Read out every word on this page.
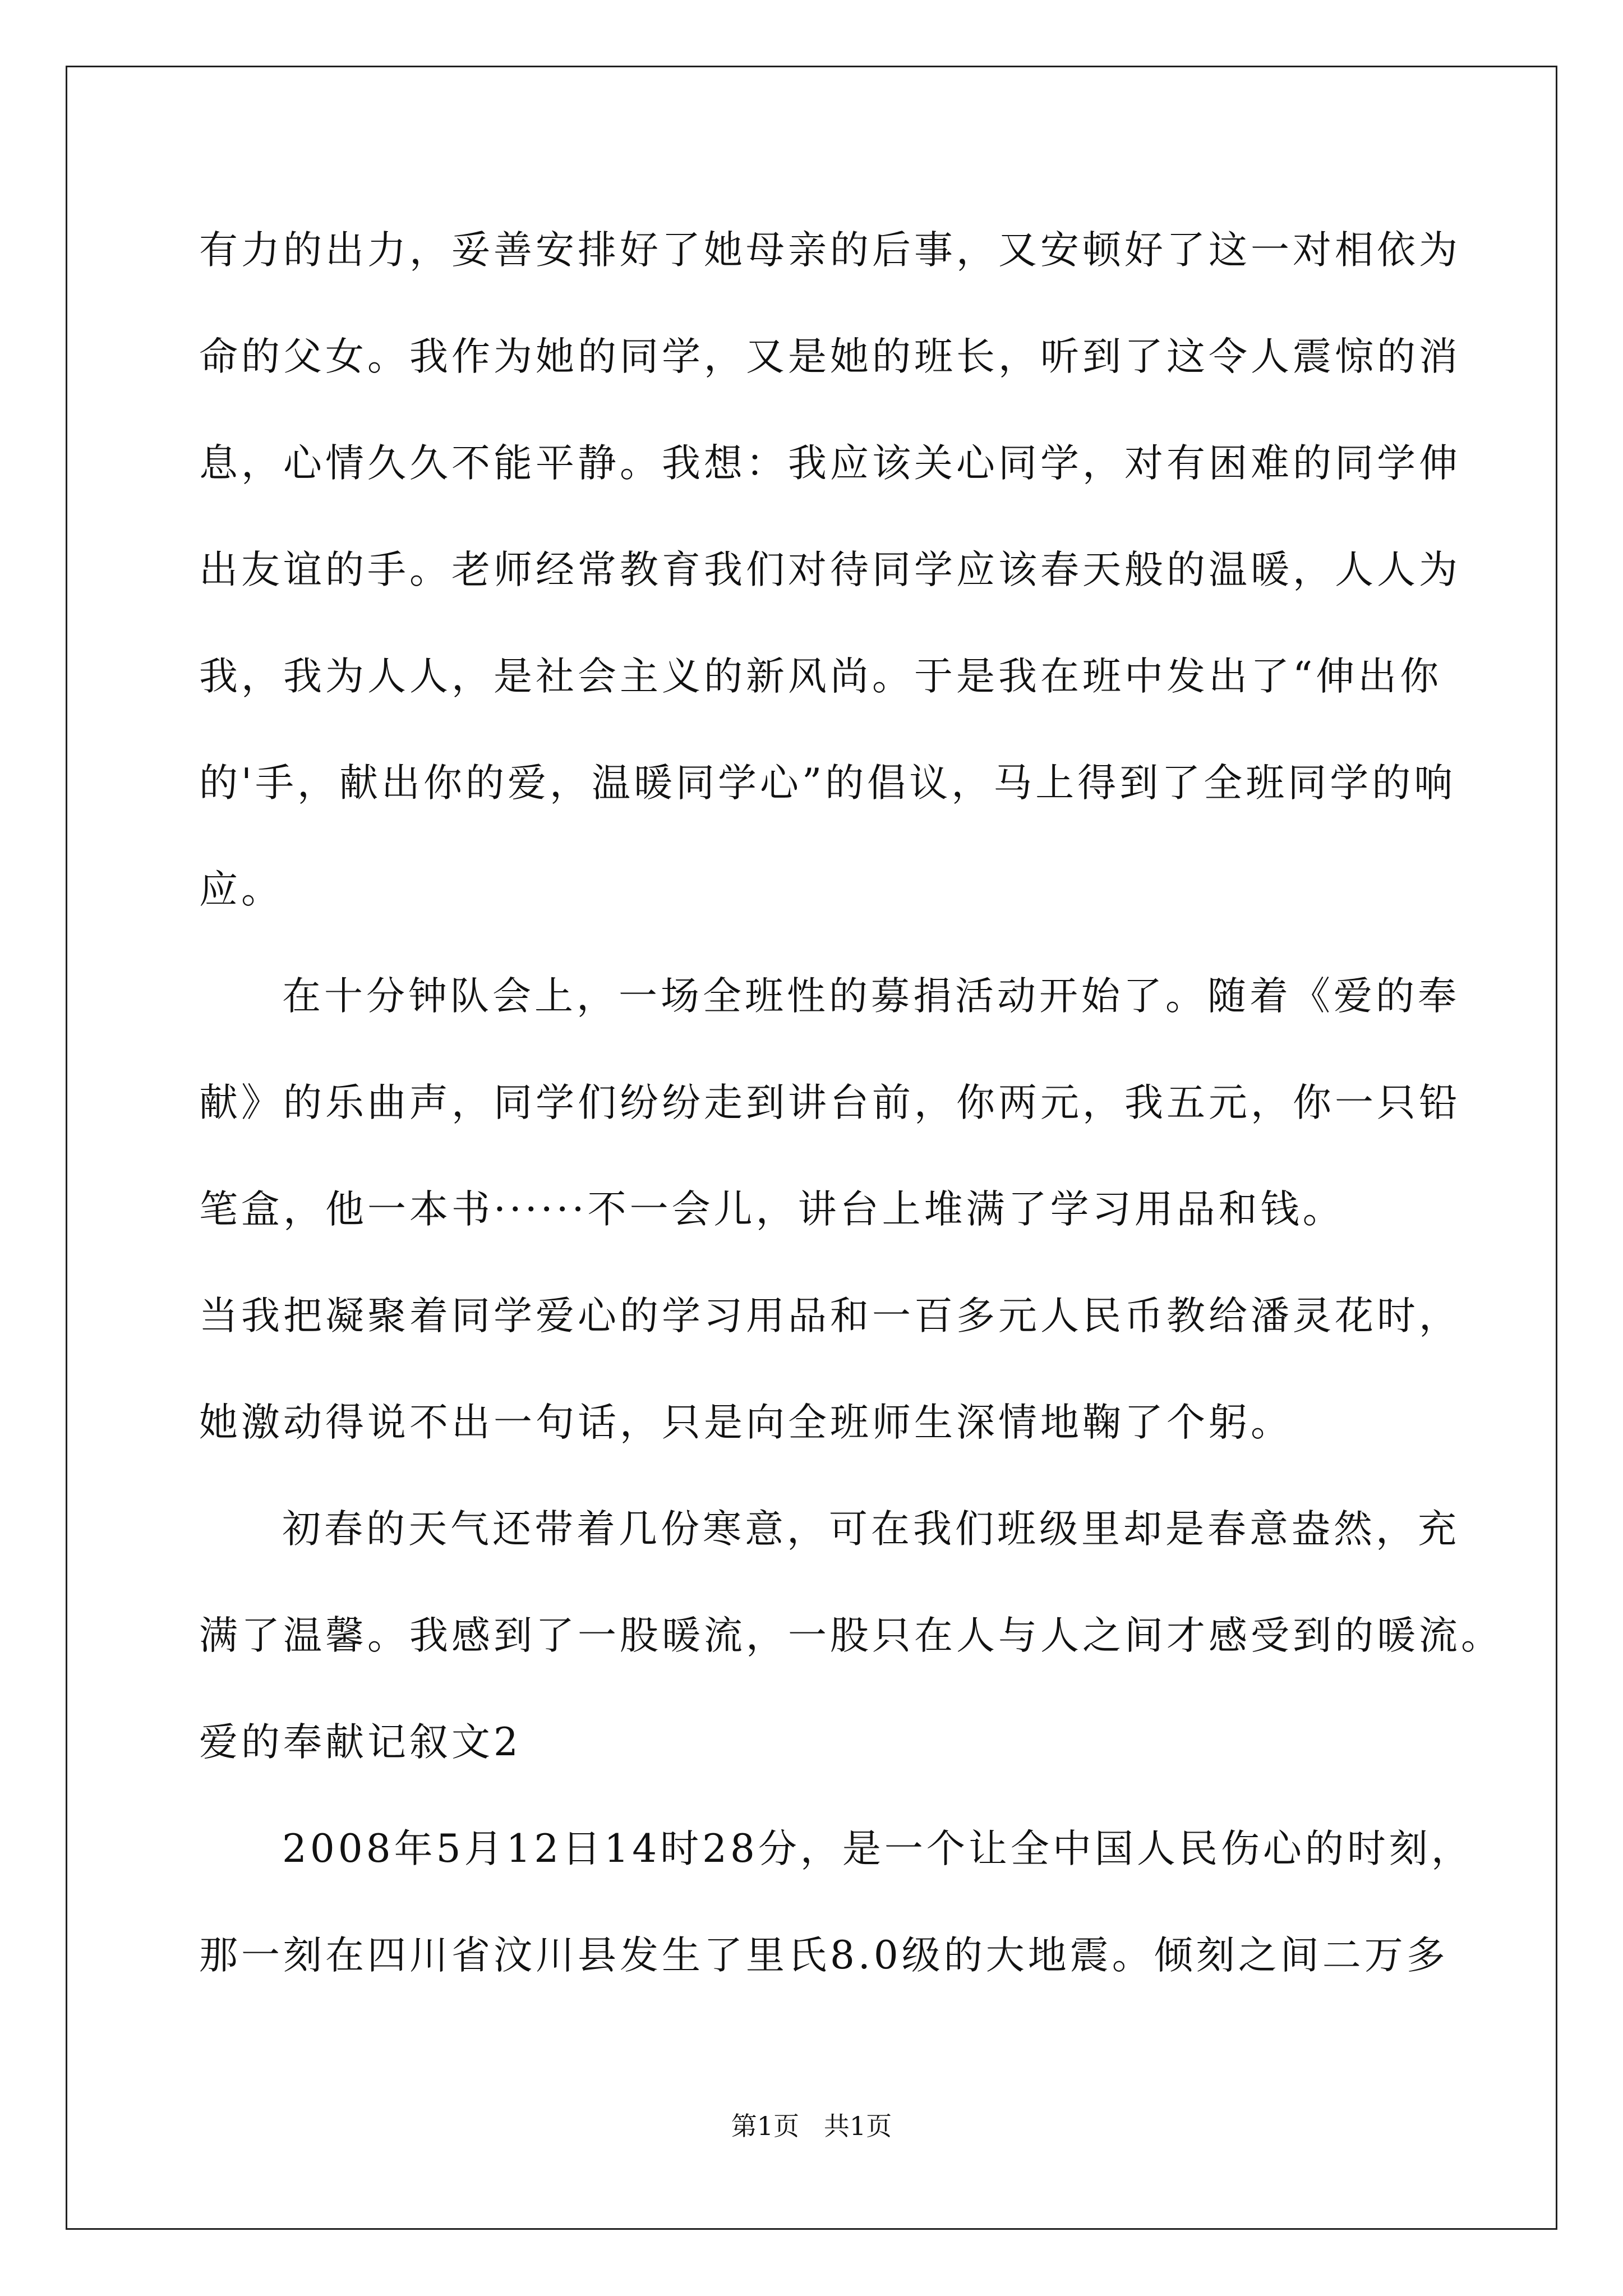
有力的出力，妥善安排好了她母亲的后事，又安顿好了这一对相依为
命的父女。我作为她的同学，又是她的班长，听到了这令人震惊的消
息，心情久久不能平静。我想：我应该关心同学，对有困难的同学伸
出友谊的手。老师经常教育我们对待同学应该春天般的温暖，人人为
我，我为人人，是社会主义的新风尚。于是我在班中发出了“伸出你
的'手，献出你的爱，温暖同学心”的倡议，马上得到了全班同学的响
应。
在十分钟队会上，一场全班性的募捐活动开始了。随着《爱的奉
献》的乐曲声，同学们纷纷走到讲台前，你两元，我五元，你一只铅
笔盒，他一本书······不一会儿，讲台上堆满了学习用品和钱。
当我把凝聚着同学爱心的学习用品和一百多元人民币教给潘灵花时，
她激动得说不出一句话，只是向全班师生深情地鞠了个躬。
初春的天气还带着几份寒意，可在我们班级里却是春意盎然，充
满了温馨。我感到了一股暖流，一股只在人与人之间才感受到的暖流。
爱的奉献记叙文2
2008年5月12日14时28分，是一个让全中国人民伤心的时刻，
那一刻在四川省汶川县发生了里氏8.0级的大地震。倾刻之间二万多
第1页   共1页
